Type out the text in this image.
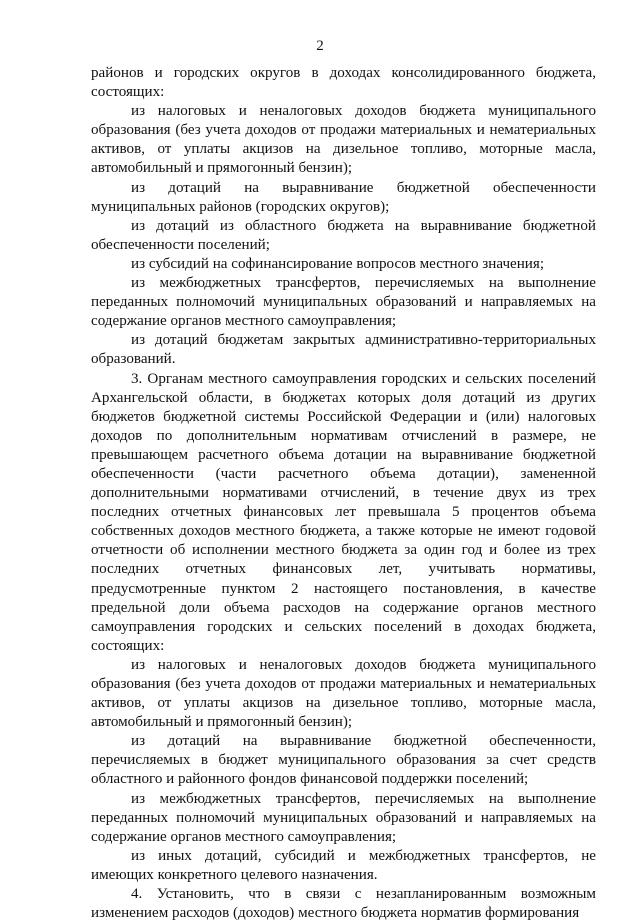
2

районов и городских округов в доходах консолидированного бюджета, состоящих:

из налоговых и неналоговых доходов бюджета муниципального образования (без учета доходов от продажи материальных и нематериальных активов, от уплаты акцизов на дизельное топливо, моторные масла, автомобильный и прямогонный бензин);

из дотаций на выравнивание бюджетной обеспеченности муниципальных районов (городских округов);

из дотаций из областного бюджета на выравнивание бюджетной обеспеченности поселений;

из субсидий на софинансирование вопросов местного значения;

из межбюджетных трансфертов, перечисляемых на выполнение переданных полномочий муниципальных образований и направляемых на содержание органов местного самоуправления;

из дотаций бюджетам закрытых административно-территориальных образований.

3. Органам местного самоуправления городских и сельских поселений Архангельской области, в бюджетах которых доля дотаций из других бюджетов бюджетной системы Российской Федерации и (или) налоговых доходов по дополнительным нормативам отчислений в размере, не превышающем расчетного объема дотации на выравнивание бюджетной обеспеченности (части расчетного объема дотации), замененной дополнительными нормативами отчислений, в течение двух из трех последних отчетных финансовых лет превышала 5 процентов объема собственных доходов местного бюджета, а также которые не имеют годовой отчетности об исполнении местного бюджета за один год и более из трех последних отчетных финансовых лет, учитывать нормативы, предусмотренные пунктом 2 настоящего постановления, в качестве предельной доли объема расходов на содержание органов местного самоуправления городских и сельских поселений в доходах бюджета, состоящих:

из налоговых и неналоговых доходов бюджета муниципального образования (без учета доходов от продажи материальных и нематериальных активов, от уплаты акцизов на дизельное топливо, моторные масла, автомобильный и прямогонный бензин);

из дотаций на выравнивание бюджетной обеспеченности, перечисляемых в бюджет муниципального образования за счет средств областного и районного фондов финансовой поддержки поселений;

из межбюджетных трансфертов, перечисляемых на выполнение переданных полномочий муниципальных образований и направляемых на содержание органов местного самоуправления;

из иных дотаций, субсидий и межбюджетных трансфертов, не имеющих конкретного целевого назначения.

4. Установить, что в связи с незапланированным возможным изменением расходов (доходов) местного бюджета норматив формирования
